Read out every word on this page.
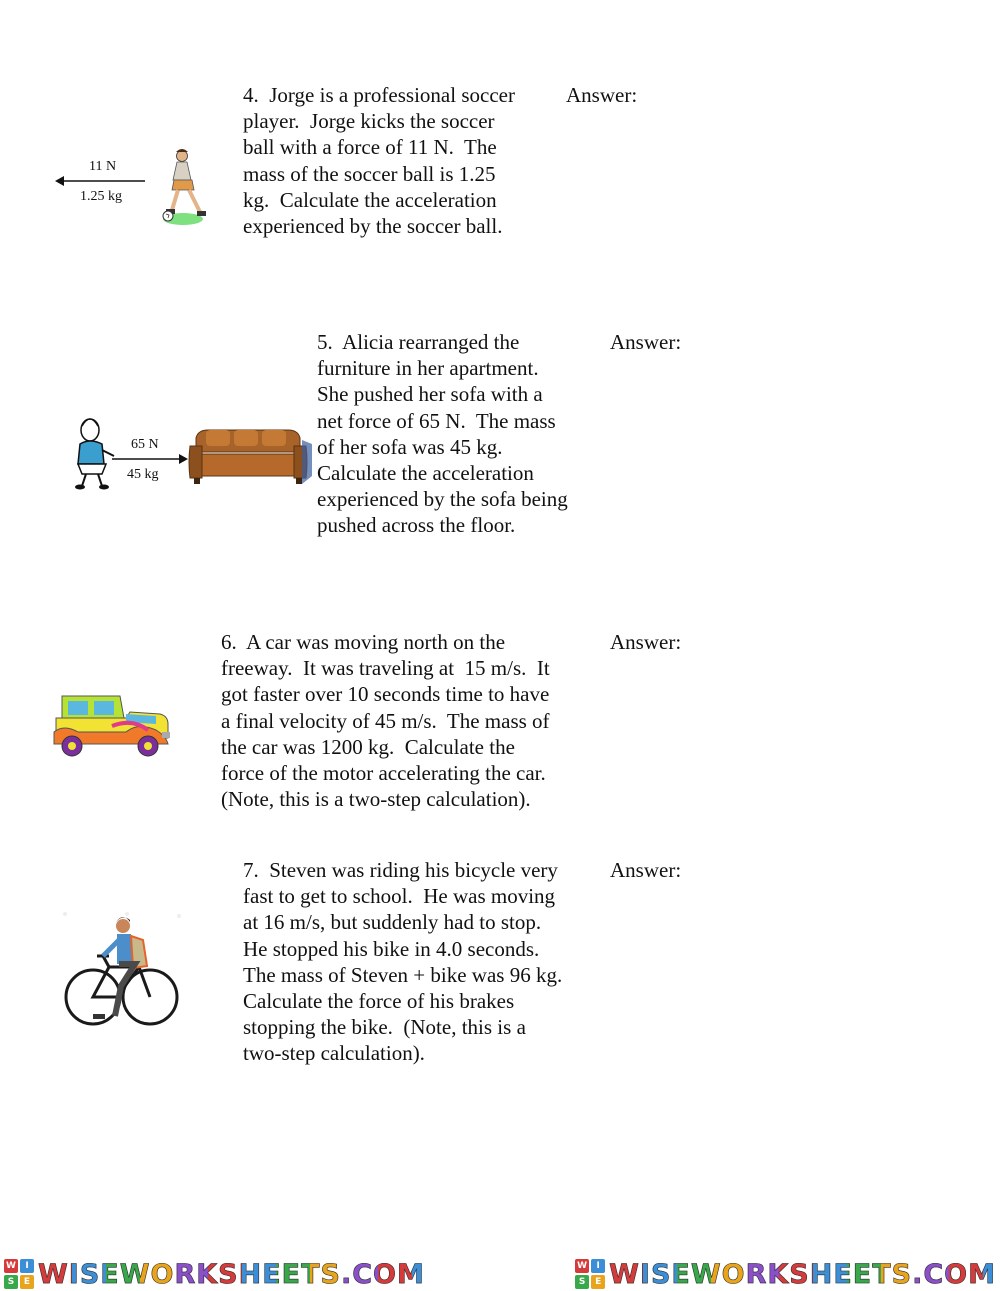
11 N
1.25 kg

4.  Jorge is a professional soccer
player.  Jorge kicks the soccer
ball with a force of 11 N.  The
mass of the soccer ball is 1.25
kg.  Calculate the acceleration
experienced by the soccer ball.

Answer:

65 N
45 kg

5.  Alicia rearranged the
furniture in her apartment.
She pushed her sofa with a
net force of 65 N.  The mass
of her sofa was 45 kg.
Calculate the acceleration
experienced by the sofa being
pushed across the floor.

Answer:

6.  A car was moving north on the
freeway.  It was traveling at  15 m/s.  It
got faster over 10 seconds time to have
a final velocity of 45 m/s.  The mass of
the car was 1200 kg.  Calculate the
force of the motor accelerating the car.
(Note, this is a two-step calculation).

Answer:

7.  Steven was riding his bicycle very
fast to get to school.  He was moving
at 16 m/s, but suddenly had to stop.
He stopped his bike in 4.0 seconds.
The mass of Steven + bike was 96 kg.
Calculate the force of his brakes
stopping the bike.  (Note, this is a
two-step calculation).

Answer:

W	I
S	E WISEWORKSHEETS.COM	W	I
S	E WISEWORKSHEETS.COM
